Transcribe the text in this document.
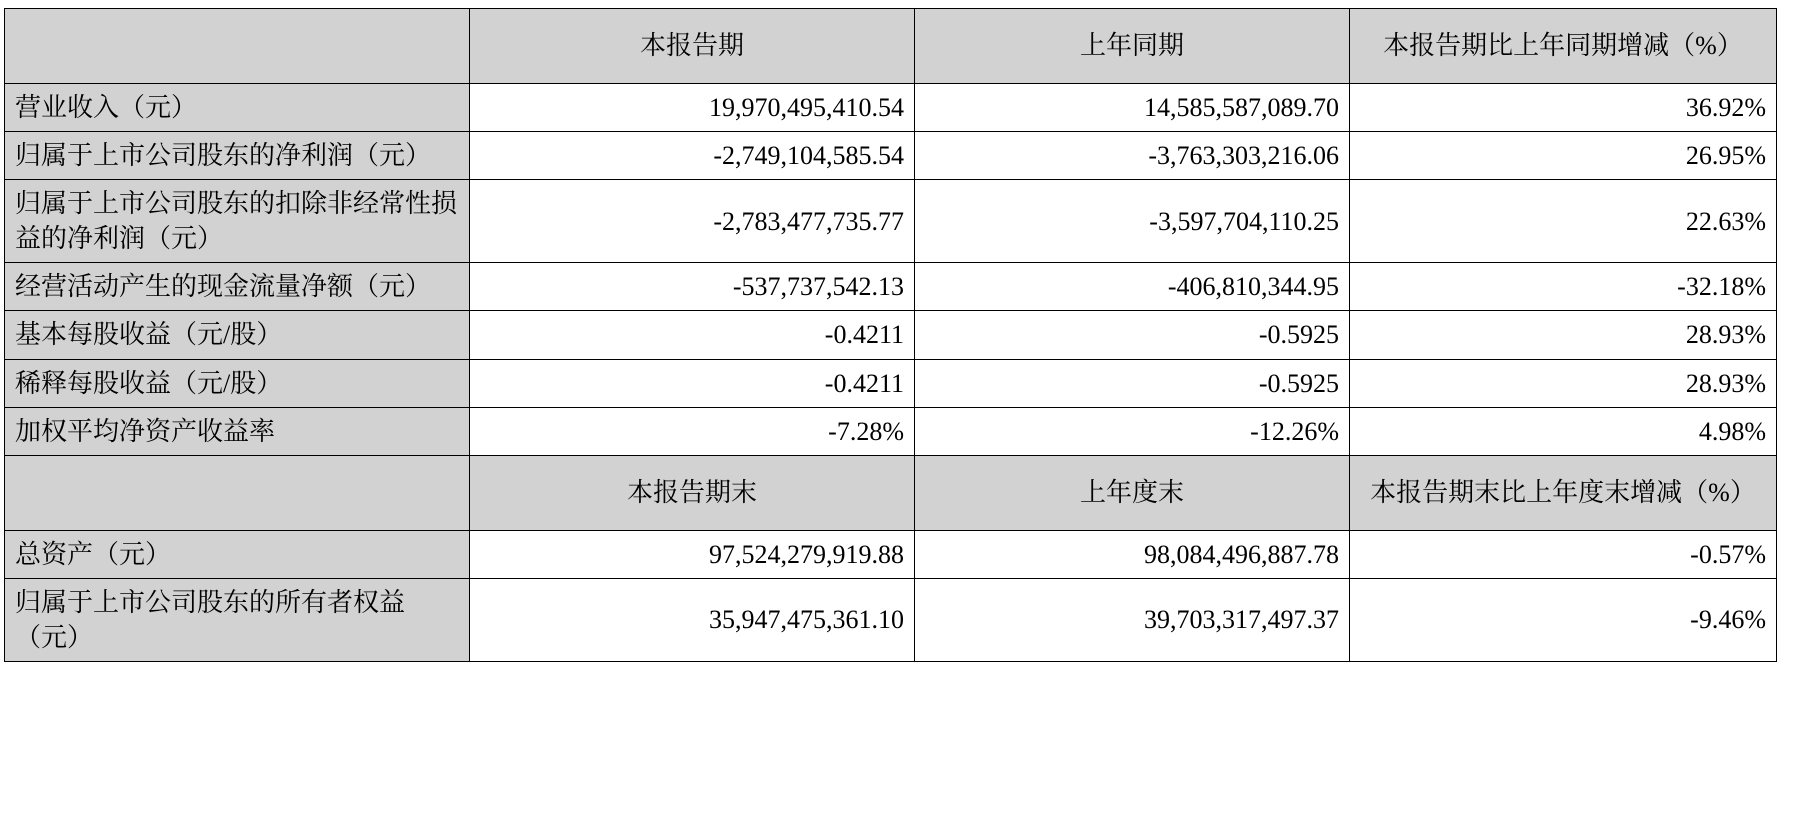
	本报告期	上年同期	本报告期比上年同期增减（%）
营业收入（元）	19,970,495,410.54	14,585,587,089.70	36.92%
归属于上市公司股东的净利润（元）	-2,749,104,585.54	-3,763,303,216.06	26.95%
归属于上市公司股东的扣除非经常性损益的净利润（元）	-2,783,477,735.77	-3,597,704,110.25	22.63%
经营活动产生的现金流量净额（元）	-537,737,542.13	-406,810,344.95	-32.18%
基本每股收益（元/股）	-0.4211	-0.5925	28.93%
稀释每股收益（元/股）	-0.4211	-0.5925	28.93%
加权平均净资产收益率	-7.28%	-12.26%	4.98%
	本报告期末	上年度末	本报告期末比上年度末增减（%）
总资产（元）	97,524,279,919.88	98,084,496,887.78	-0.57%
归属于上市公司股东的所有者权益（元）	35,947,475,361.10	39,703,317,497.37	-9.46%
